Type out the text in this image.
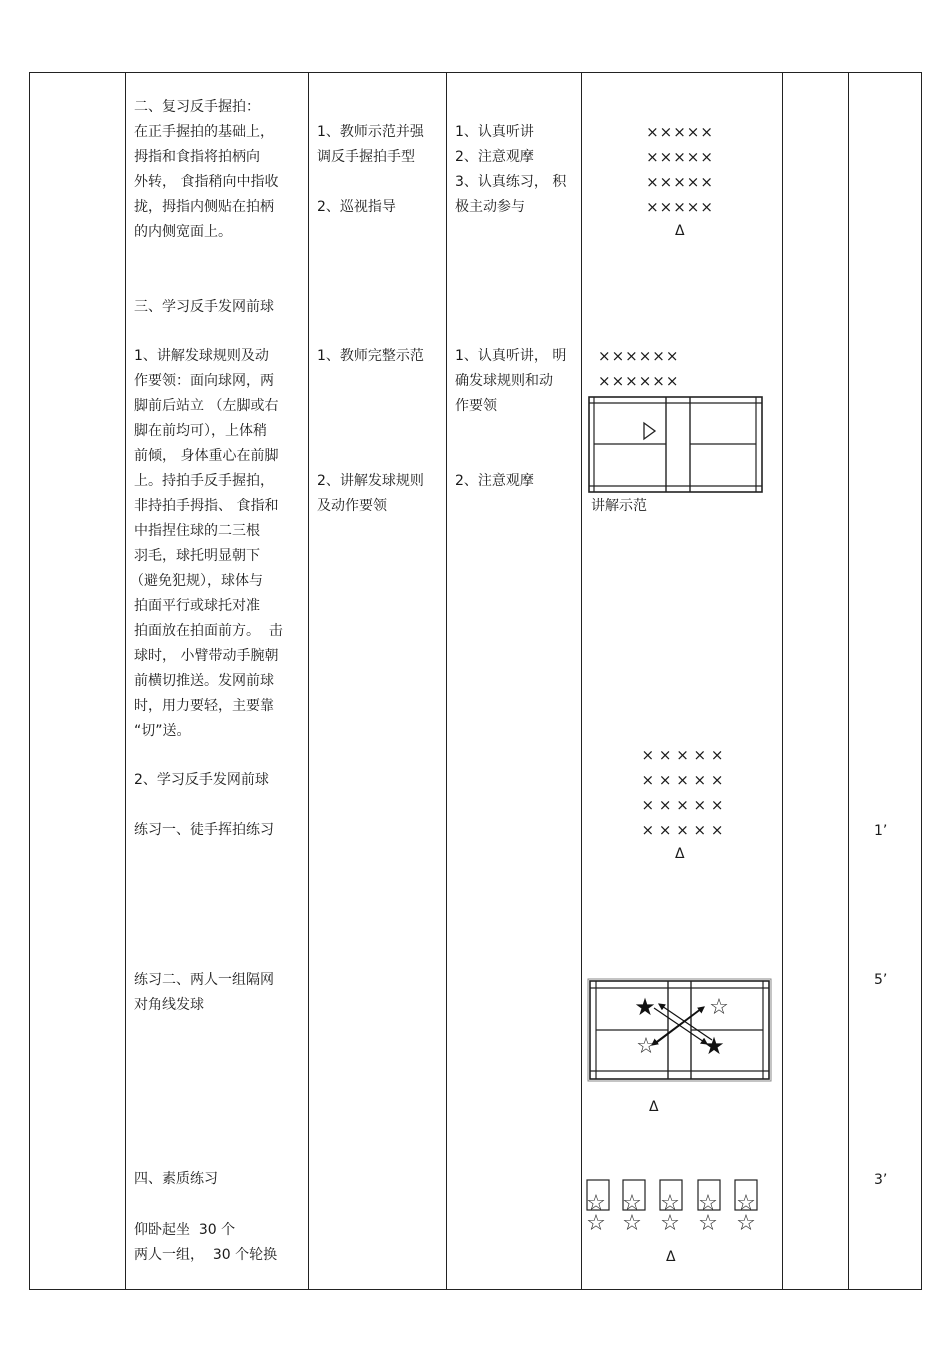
二、复习反手握拍：
在正手握拍的基础上，
拇指和食指将拍柄向
外转， 食指稍向中指收
拢，拇指内侧贴在拍柄
的内侧宽面上。
三、学习反手发网前球
1、讲解发球规则及动
作要领：面向球网，两
脚前后站立 （左脚或右
脚在前均可），上体稍
前倾， 身体重心在前脚
上。持拍手反手握拍，
非持拍手拇指、 食指和
中指捏住球的二三根
羽毛，球托明显朝下
（避免犯规），球体与
拍面平行或球托对准
拍面放在拍面前方。  击
球时， 小臂带动手腕朝
前横切推送。发网前球
时，用力要轻，主要靠
“切”送。
2、学习反手发网前球
练习一、徒手挥拍练习
练习二、两人一组隔网
对角线发球
四、素质练习
仰卧起坐  30 个
两人一组，  30 个轮换
1、教师示范并强
调反手握拍手型
2、巡视指导
1、教师完整示范
2、讲解发球规则
及动作要领
1、认真听讲
2、注意观摩
3、认真练习， 积
极主动参与
1、认真听讲， 明
确发球规则和动
作要领
2、注意观摩
×××××
×××××
×××××
×××××
Δ
××××××
××××××
讲解示范
× × × × ×
× × × × ×
× × × × ×
× × × × ×
Δ
★ ☆
☆ ★
Δ
☆ ☆ ☆ ☆ ☆
☆ ☆ ☆ ☆ ☆
Δ
1’
5’
3’
